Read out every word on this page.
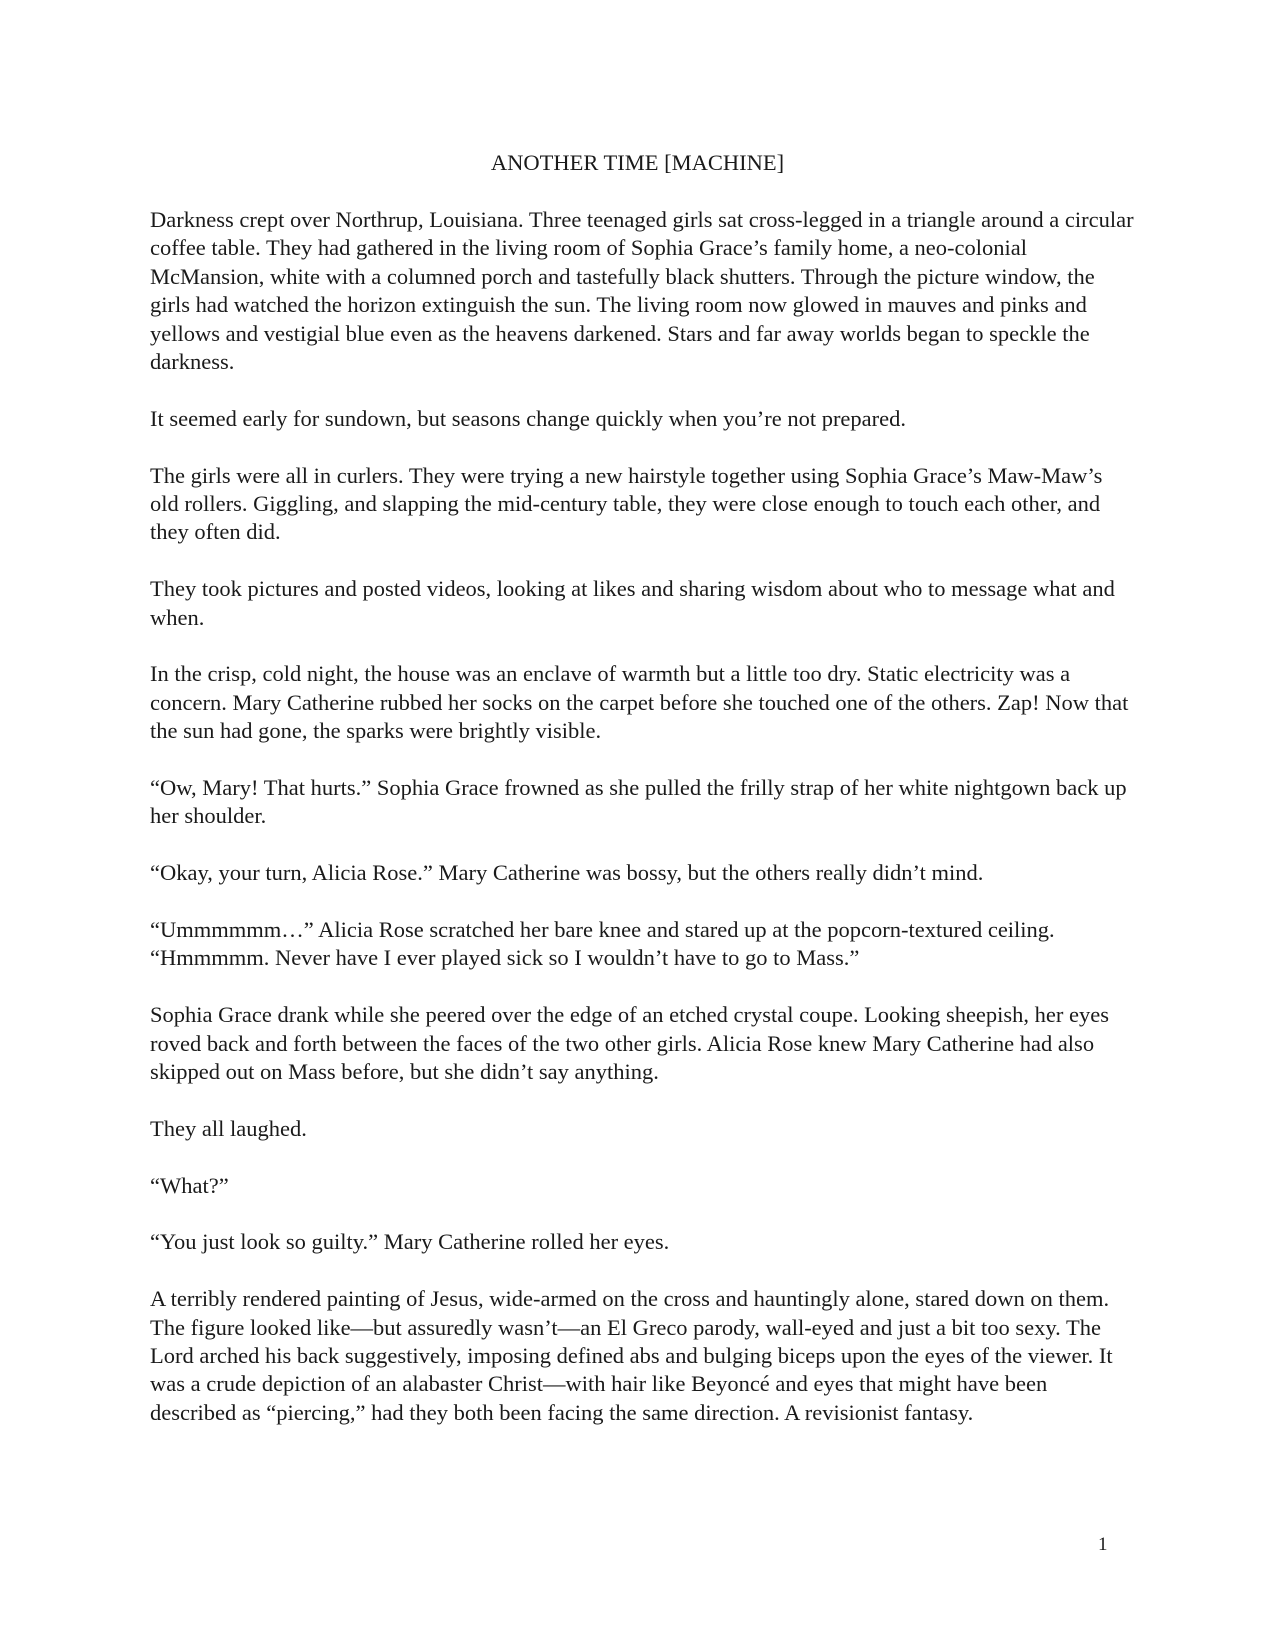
ANOTHER TIME [MACHINE]

Darkness crept over Northrup, Louisiana. Three teenaged girls sat cross-legged in a triangle around a circular coffee table. They had gathered in the living room of Sophia Grace’s family home, a neo-colonial McMansion, white with a columned porch and tastefully black shutters. Through the picture window, the girls had watched the horizon extinguish the sun. The living room now glowed in mauves and pinks and yellows and vestigial blue even as the heavens darkened. Stars and far away worlds began to speckle the darkness.

It seemed early for sundown, but seasons change quickly when you’re not prepared.

The girls were all in curlers. They were trying a new hairstyle together using Sophia Grace’s Maw-Maw’s old rollers. Giggling, and slapping the mid-century table, they were close enough to touch each other, and they often did.

They took pictures and posted videos, looking at likes and sharing wisdom about who to message what and when.

In the crisp, cold night, the house was an enclave of warmth but a little too dry. Static electricity was a concern. Mary Catherine rubbed her socks on the carpet before she touched one of the others. Zap! Now that the sun had gone, the sparks were brightly visible.

“Ow, Mary! That hurts.” Sophia Grace frowned as she pulled the frilly strap of her white nightgown back up her shoulder.

“Okay, your turn, Alicia Rose.” Mary Catherine was bossy, but the others really didn’t mind.

“Ummmmmm…” Alicia Rose scratched her bare knee and stared up at the popcorn-textured ceiling. “Hmmmmm. Never have I ever played sick so I wouldn’t have to go to Mass.”

Sophia Grace drank while she peered over the edge of an etched crystal coupe. Looking sheepish, her eyes roved back and forth between the faces of the two other girls. Alicia Rose knew Mary Catherine had also skipped out on Mass before, but she didn’t say anything.

They all laughed.

“What?”

“You just look so guilty.” Mary Catherine rolled her eyes.

A terribly rendered painting of Jesus, wide-armed on the cross and hauntingly alone, stared down on them. The figure looked like—but assuredly wasn’t—an El Greco parody, wall-eyed and just a bit too sexy. The Lord arched his back suggestively, imposing defined abs and bulging biceps upon the eyes of the viewer. It was a crude depiction of an alabaster Christ—with hair like Beyoncé and eyes that might have been described as “piercing,” had they both been facing the same direction. A revisionist fantasy.

1
